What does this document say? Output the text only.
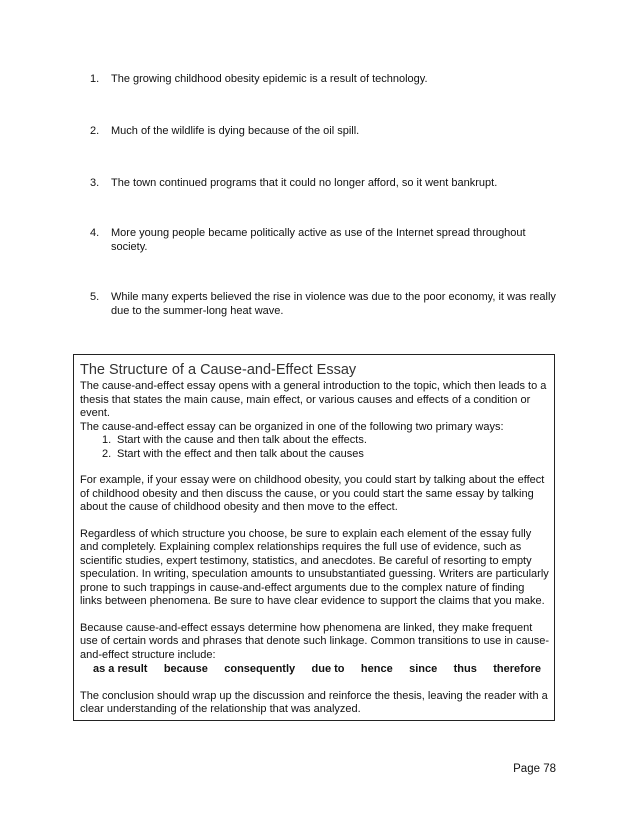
1.	The growing childhood obesity epidemic is a result of technology.
2.	Much of the wildlife is dying because of the oil spill.
3.	The town continued programs that it could no longer afford, so it went bankrupt.
4.	More young people became politically active as use of the Internet spread throughout society.
5.	While many experts believed the rise in violence was due to the poor economy, it was really due to the summer-long heat wave.
The Structure of a Cause-and-Effect Essay

The cause-and-effect essay opens with a general introduction to the topic, which then leads to a thesis that states the main cause, main effect, or various causes and effects of a condition or event.

The cause-and-effect essay can be organized in one of the following two primary ways:

1. Start with the cause and then talk about the effects.
2. Start with the effect and then talk about the causes

For example, if your essay were on childhood obesity, you could start by talking about the effect of childhood obesity and then discuss the cause, or you could start the same essay by talking about the cause of childhood obesity and then move to the effect.

Regardless of which structure you choose, be sure to explain each element of the essay fully and completely. Explaining complex relationships requires the full use of evidence, such as scientific studies, expert testimony, statistics, and anecdotes. Be careful of resorting to empty speculation. In writing, speculation amounts to unsubstantiated guessing. Writers are particularly prone to such trappings in cause-and-effect arguments due to the complex nature of finding links between phenomena. Be sure to have clear evidence to support the claims that you make.

Because cause-and-effect essays determine how phenomena are linked, they make frequent use of certain words and phrases that denote such linkage. Common transitions to use in cause-and-effect structure include:

as a result because consequently due to hence since thus therefore

The conclusion should wrap up the discussion and reinforce the thesis, leaving the reader with a clear understanding of the relationship that was analyzed.

Page 78
